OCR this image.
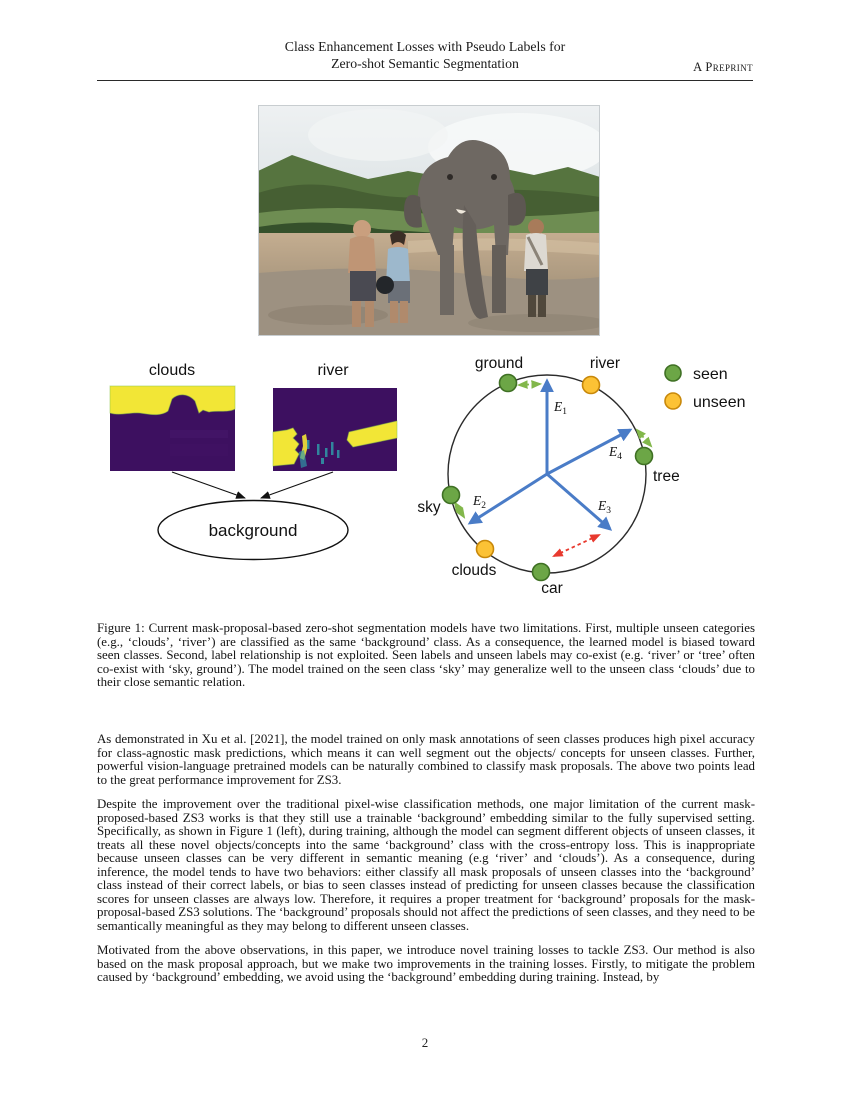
Class Enhancement Losses with Pseudo Labels for
Zero-shot Semantic Segmentation	A Preprint
clouds	river
background
$E_1$
$E_2$	$E_3$
$E_4$
ground	river
tree
sky
clouds
car
seen
unseen
Figure 1: Current mask-proposal-based zero-shot segmentation models have two limitations. First, multiple unseen categories (e.g., ‘clouds’, ‘river’) are classified as the same ‘background’ class. As a consequence, the learned model is biased toward seen classes. Second, label relationship is not exploited. Seen labels and unseen labels may co-exist (e.g. ‘river’ or ‘tree’ often co-exist with ‘sky, ground’). The model trained on the seen class ‘sky’ may generalize well to the unseen class ‘clouds’ due to their close semantic relation.

As demonstrated in Xu et al. [2021], the model trained on only mask annotations of seen classes produces high pixel accuracy for class-agnostic mask predictions, which means it can well segment out the objects/ concepts for unseen classes. Further, powerful vision-language pretrained models can be naturally combined to classify mask proposals. The above two points lead to the great performance improvement for ZS3.

Despite the improvement over the traditional pixel-wise classification methods, one major limitation of the current mask-proposed-based ZS3 works is that they still use a trainable ‘background’ embedding similar to the fully supervised setting. Specifically, as shown in Figure 1 (left), during training, although the model can segment different objects of unseen classes, it treats all these novel objects/concepts into the same ‘background’ class with the cross-entropy loss. This is inappropriate because unseen classes can be very different in semantic meaning (e.g ‘river’ and ‘clouds’). As a consequence, during inference, the model tends to have two behaviors: either classify all mask proposals of unseen classes into the ‘background’ class instead of their correct labels, or bias to seen classes instead of predicting for unseen classes because the classification scores for unseen classes are always low. Therefore, it requires a proper treatment for ‘background’ proposals for the mask-proposal-based ZS3 solutions. The ‘background’ proposals should not affect the predictions of seen classes, and they need to be semantically meaningful as they may belong to different unseen classes.

Motivated from the above observations, in this paper, we introduce novel training losses to tackle ZS3. Our method is also based on the mask proposal approach, but we make two improvements in the training losses. Firstly, to mitigate the problem caused by ‘background’ embedding, we avoid using the ‘background’ embedding during training. Instead, by

2
